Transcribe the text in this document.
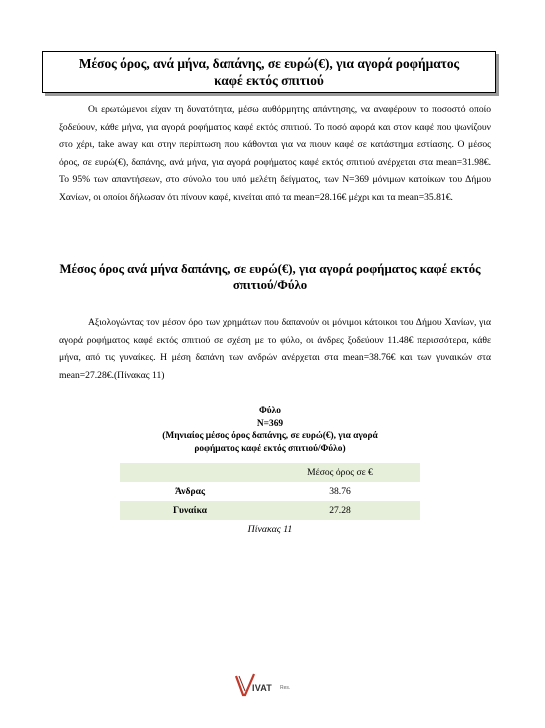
Μέσος όρος, ανά μήνα, δαπάνης, σε ευρώ(€), για αγορά ροφήματος
καφέ εκτός σπιτιού
Οι ερωτώμενοι είχαν τη δυνατότητα, μέσω αυθόρμητης απάντησης, να αναφέρουν το ποσοστό οποίο ξοδεύουν, κάθε μήνα, για αγορά ροφήματος καφέ εκτός σπιτιού. Το ποσό αφορά και στον καφέ που ψωνίζουν στο χέρι, take away και στην περίπτωση που κάθονται για να πιουν καφέ σε κατάστημα εστίασης. Ο μέσος όρος, σε ευρώ(€), δαπάνης, ανά μήνα, για αγορά ροφήματος καφέ εκτός σπιτιού ανέρχεται στα mean=31.98€. Το 95% των απαντήσεων, στο σύνολο του υπό μελέτη δείγματος, των N=369 μόνιμων κατοίκων του Δήμου Χανίων, οι οποίοι δήλωσαν ότι πίνουν καφέ, κινείται από τα mean=28.16€ μέχρι και τα mean=35.81€.
Μέσος όρος ανά μήνα δαπάνης, σε ευρώ(€), για αγορά ροφήματος καφέ εκτός
σπιτιού/Φύλο
Αξιολογώντας τον μέσον όρο των χρημάτων που δαπανούν οι μόνιμοι κάτοικοι του Δήμου Χανίων, για αγορά ροφήματος καφέ εκτός σπιτιού σε σχέση με το φύλο, οι άνδρες ξοδεύουν 11.48€ περισσότερα, κάθε μήνα, από τις γυναίκες. Η μέση δαπάνη των ανδρών ανέρχεται στα mean=38.76€ και των γυναικών στα mean=27.28€.(Πίνακας 11)
Φύλο
N=369
(Μηνιαίος μέσος όρος δαπάνης, σε ευρώ(€), για αγορά
ροφήματος καφέ εκτός σπιτιού/Φύλο)
	Μέσος όρος σε €
Άνδρας	38.76
Γυναίκα	27.28
Πίνακας 11
IVAT Res.
